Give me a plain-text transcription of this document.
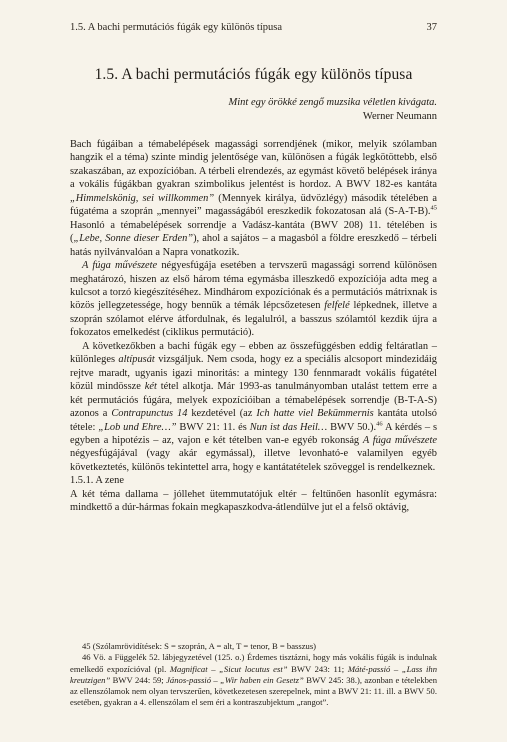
1.5. A bachi permutációs fúgák egy különös típusa	37
1.5. A bachi permutációs fúgák egy különös típusa
Mint egy örökké zengő muzsika véletlen kivágata.
Werner Neumann

Bach fúgáiban a témabelépések magassági sorrendjének (mikor, melyik szólamban hangzik el a téma) szinte mindig jelentősége van, különösen a fúgák legkötöttebb, első szakaszában, az expozícióban. A térbeli elrendezés, az egymást követő belépések iránya a vokális fúgákban gyakran szimbolikus jelentést is hordoz. A BWV 182-es kantáta „Himmelskönig, sei willkommen” (Mennyek királya, üdvözlégy) második tételében a fúgatéma a szoprán „mennyei” magasságából ereszkedik fokozatosan alá (S-A-T-B).$^{45}$ Hasonló a témabelépések sorrendje a Vadász-kantáta (BWV 208) 11. tételében is („Lebe, Sonne dieser Erden”), ahol a sajátos – a magasból a földre ereszkedő – térbeli hatás nyilvánvalóan a Napra vonatkozik.

A fúga művészete négyesfúgája esetében a tervszerű magassági sorrend különösen meghatározó, hiszen az első három téma egymásba illeszkedő expozíciója adta meg a kulcsot a torzó kiegészítéséhez. Mindhárom expozíciónak és a permutációs mátrixnak is közös jellegzetessége, hogy bennük a témák lépcsőzetesen felfelé lépkednek, illetve a szoprán szólamot elérve átfordulnak, és legalulról, a basszus szólamtól kezdik újra a fokozatos emelkedést (ciklikus permutáció).

A következőkben a bachi fúgák egy – ebben az összefüggésben eddig feltáratlan – különleges altípusát vizsgáljuk. Nem csoda, hogy ez a speciális alcsoport mindezidáig rejtve maradt, ugyanis igazi minoritás: a mintegy 130 fennmaradt vokális fúgatétel közül mindössze két tétel alkotja. Már 1993-as tanulmányomban utalást tettem erre a két permutációs fúgára, melyek expozícióiban a témabelépések sorrendje (B-T-A-S) azonos a Contrapunctus 14 kezdetével (az Ich hatte viel Bekümmernis kantáta utolsó tétele: „Lob und Ehre…” BWV 21: 11. és Nun ist das Heil… BWV 50.).$^{46}$ A kérdés – s egyben a hipotézis – az, vajon e két tételben van-e egyéb rokonság A fúga művészete négyesfúgájával (vagy akár egymással), illetve levonható-e valamilyen egyéb következtetés, különös tekintettel arra, hogy e kantátatételek szöveggel is rendelkeznek.

1.5.1. A zene

A két téma dallama – jóllehet ütemmutatójuk eltér – feltűnően hasonlít egymásra: mindkettő a dúr-hármas fokain megkapaszkodva-átlendülve jut el a felső oktávig,

45 (Szólamrövidítések: S = szoprán, A = alt, T = tenor, B = basszus)

46 Vö. a Függelék 52. lábjegyzetével (125. o.) Érdemes tisztázni, hogy más vokális fúgák is indulnak emelkedő expozícióval (pl. Magnificat – „Sicut locutus est” BWV 243: 11; Máté-passió – „Lass ihn kreutzigen” BWV 244: 59; János-passió – „Wir haben ein Gesetz” BWV 245: 38.), azonban e tételekben az ellenszólamok nem olyan tervszerűen, következetesen szerepelnek, mint a BWV 21: 11. ill. a BWV 50. esetében, gyakran a 4. ellenszólam el sem éri a kontraszubjektum „rangot”.
